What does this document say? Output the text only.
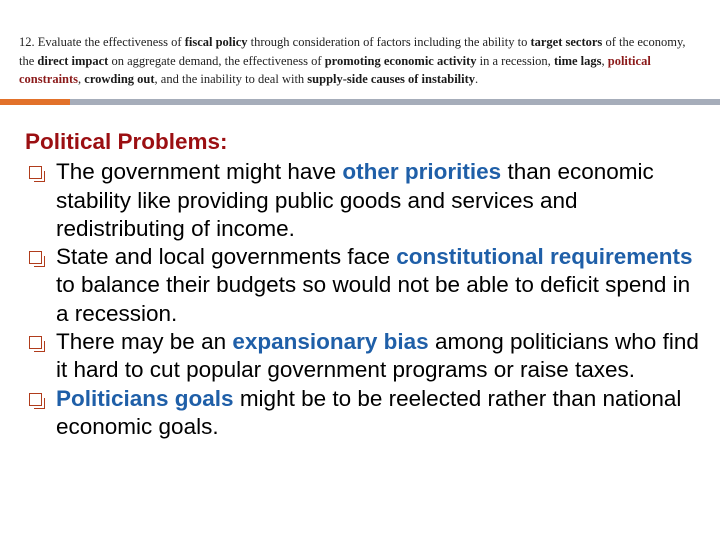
12. Evaluate the effectiveness of fiscal policy through consideration of factors including the ability to target sectors of the economy, the direct impact on aggregate demand, the effectiveness of promoting economic activity in a recession, time lags, political constraints, crowding out, and the inability to deal with supply-side causes of instability.
Political Problems:
The government might have other priorities than economic stability like providing public goods and services and redistributing of income.
State and local governments face constitutional requirements to balance their budgets so would not be able to deficit spend in a recession.
There may be an expansionary bias among politicians who find it hard to cut popular government programs or raise taxes.
Politicians goals might be to be reelected rather than national economic goals.
